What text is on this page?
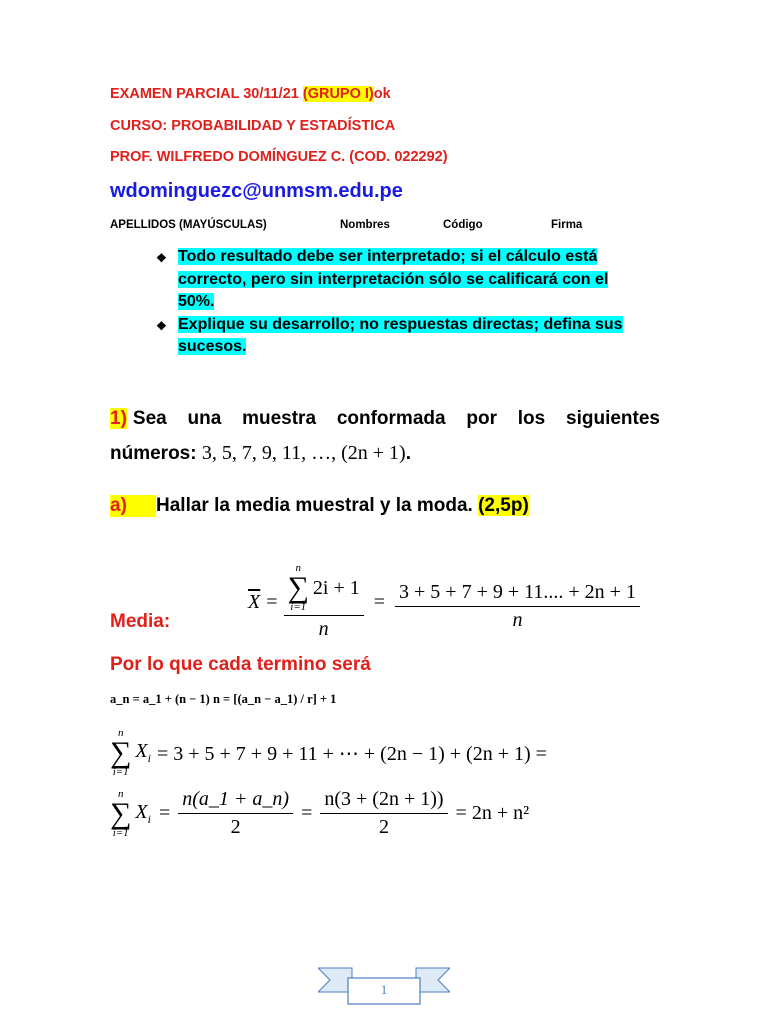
EXAMEN PARCIAL 30/11/21 (GRUPO I)ok
CURSO: PROBABILIDAD Y ESTADÍSTICA
PROF. WILFREDO DOMÍNGUEZ C. (COD. 022292)
wdominguezc@unmsm.edu.pe
APELLIDOS (MAYÚSCULAS)	Nombres	Código	Firma
❖ Todo resultado debe ser interpretado; si el cálculo está correcto, pero sin interpretación sólo se calificará con el 50%.
❖ Explique su desarrollo; no respuestas directas; defina sus sucesos.
1) Sea una muestra conformada por los siguientes
números: 3, 5, 7, 9, 11, …, (2n + 1).
a) Hallar la media muestral y la moda. (2,5p)
Media:
$\overline{X} = n$
∑
i=1
2i + 1
$n = \frac{3 + 5 + 7 + 9 + 11.... + 2n + 1}{n}$
Por lo que cada termino será
a_n = a_1 + (n − 1) n = [(a_n − a_1) / r] + 1
n
∑
i=1
$X_i = 3 + 5 + 7 + 9 + 11$ + ⋯ + (2n − 1) + (2n + 1) =
n
∑
i=1
$X_i = \frac{n(a\_1 + a\_n)}{2} = \frac{n(3 + (2n + 1))}{2} = 2n + n^2$
1
